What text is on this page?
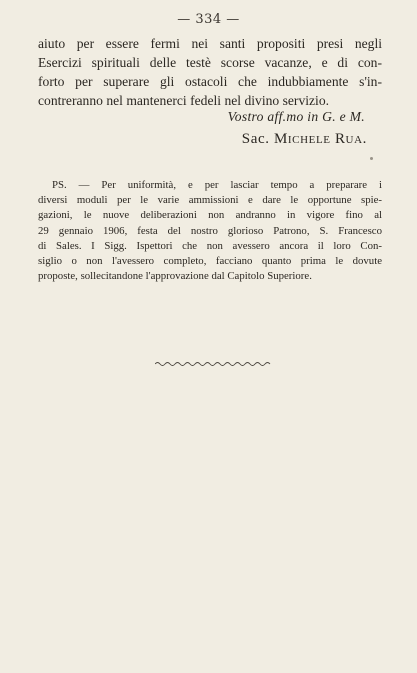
— 334 —

aiuto per essere fermi nei santi propositi presi negli
Esercizi spirituali delle testè scorse vacanze, e di con-
forto per superare gli ostacoli che indubbiamente s'in-
contreranno nel mantenerci fedeli nel divino servizio.

Vostro aff.mo in G. e M.
Sac. Michele Rua.

PS. — Per uniformità, e per lasciar tempo a preparare i
diversi moduli per le varie ammissioni e dare le opportune spie-
gazioni, le nuove deliberazioni non andranno in vigore fino al
29 gennaio 1906, festa del nostro glorioso Patrono, S. Francesco
di Sales. I Sigg. Ispettori che non avessero ancora il loro Con-
siglio o non l'avessero completo, facciano quanto prima le dovute
proposte, sollecitandone l'approvazione dal Capitolo Superiore.
